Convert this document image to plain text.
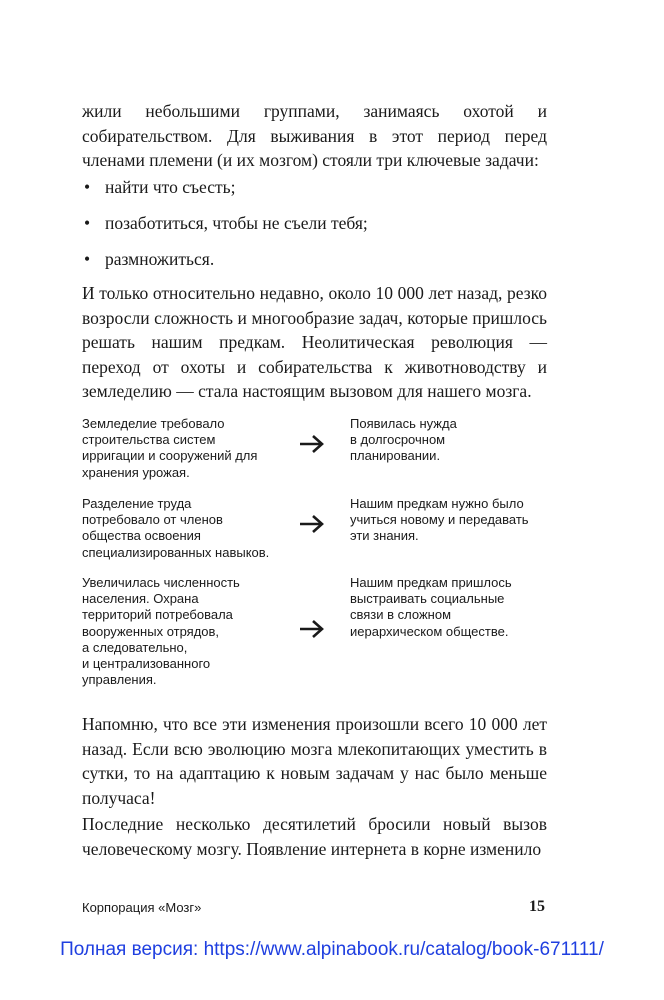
жили небольшими группами, занимаясь охотой и собирательством. Для выживания в этот период перед членами племени (и их мозгом) стояли три ключевые задачи:

• найти что съесть;
• позаботиться, чтобы не съели тебя;
• размножиться.

И только относительно недавно, около 10 000 лет назад, резко возросли сложность и многообразие задач, которые пришлось решать нашим предкам. Неолитическая революция — переход от охоты и собирательства к животноводству и земледелию — стала настоящим вызовом для нашего мозга.

Земледелие требовало
строительства систем
ирригации и сооружений для
хранения урожая.
Появилась нужда
в долгосрочном
планировании.
Разделение труда
потребовало от членов
общества освоения
специализированных навыков.
Нашим предкам нужно было
учиться новому и передавать
эти знания.
Увеличилась численность
населения. Охрана
территорий потребовала
вооруженных отрядов,
а следовательно,
и централизованного
управления.
Нашим предкам пришлось
выстраивать социальные
связи в сложном
иерархическом обществе.

Напомню, что все эти изменения произошли всего 10 000 лет назад. Если всю эволюцию мозга млекопитающих уместить в сутки, то на адаптацию к новым задачам у нас было меньше получаса!

Последние несколько десятилетий бросили новый вызов человеческому мозгу. Появление интернета в корне изменило

Корпорация «Мозг»	15
Полная версия: https://www.alpinabook.ru/catalog/book-671111/
